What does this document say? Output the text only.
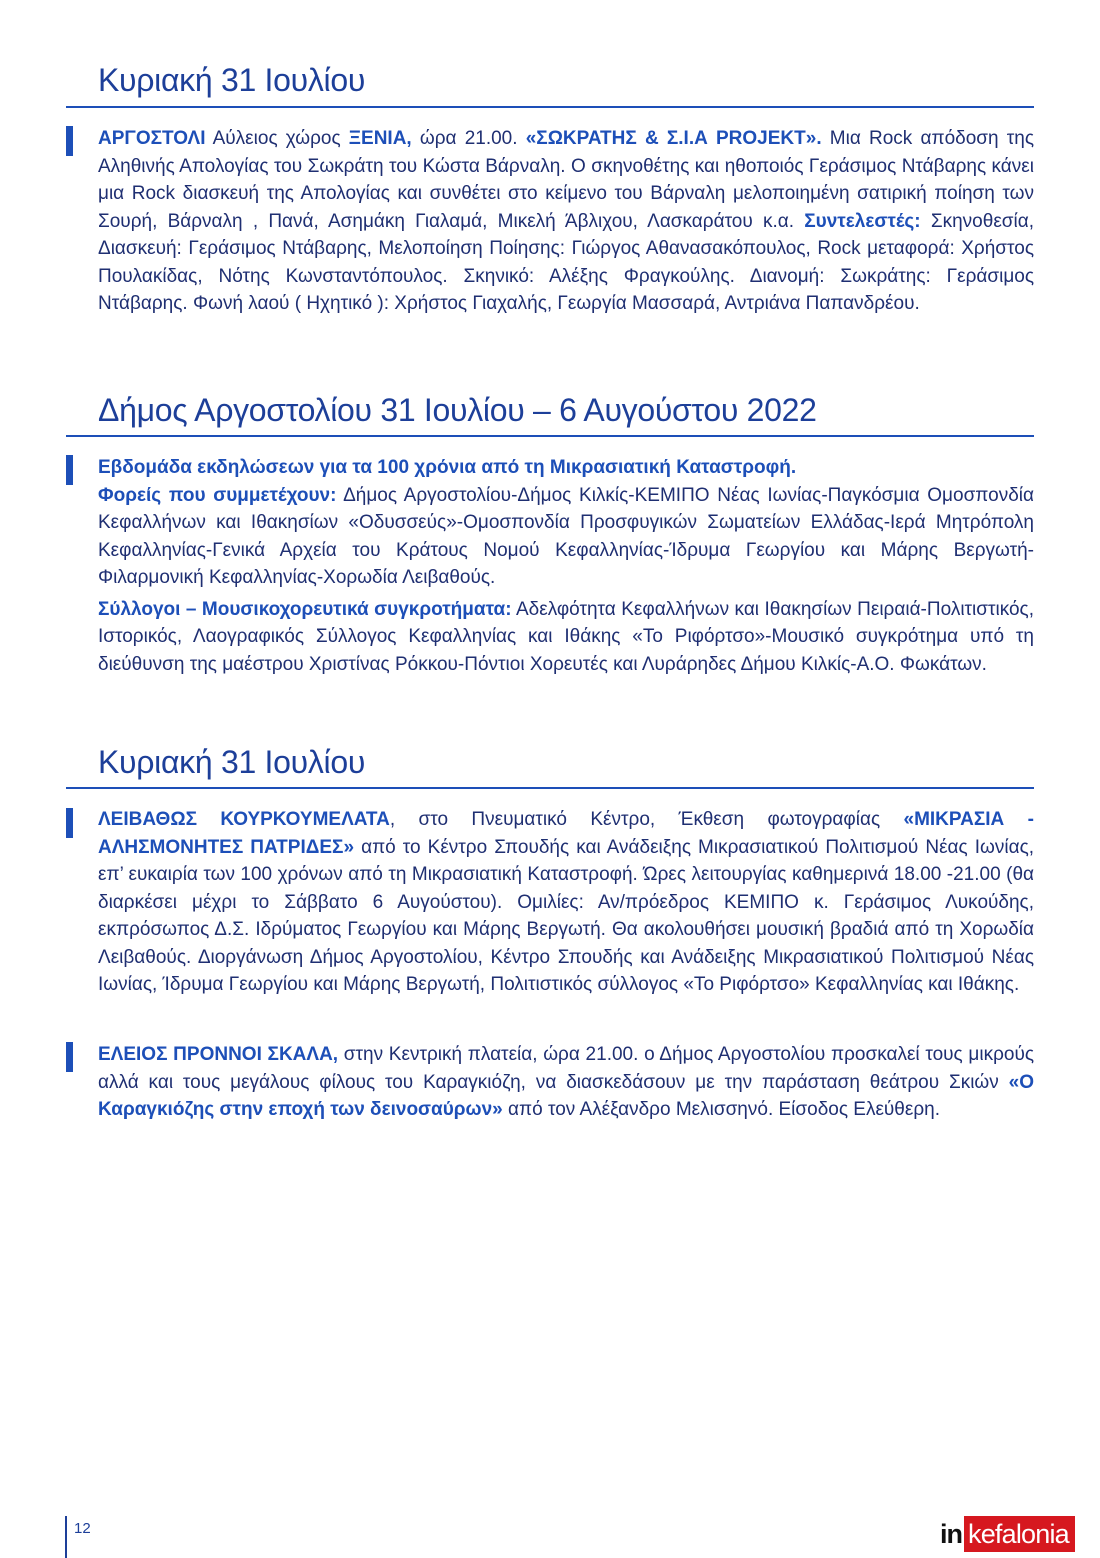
Κυριακή 31 Ιουλίου

ΑΡΓΟΣΤΟΛΙ Αύλειος χώρος ΞΕΝΙΑ, ώρα 21.00. «ΣΩΚΡΑΤΗΣ & Σ.Ι.Α PROJEKT». Μια Rock απόδοση της Αληθινής Απολογίας του Σωκράτη του Κώστα Βάρναλη. Ο σκηνοθέτης και ηθοποιός Γεράσιμος Ντάβαρης κάνει μια Rock διασκευή της Απολογίας και συνθέτει στο κείμενο του Βάρναλη μελοποιημένη σατιρική ποίηση των Σουρή, Βάρναλη , Πανά, Ασημάκη Γιαλαμά, Μικελή Άβλιχου, Λασκαράτου κ.α. Συντελεστές: Σκηνοθεσία, Διασκευή: Γεράσιμος Ντάβαρης, Μελοποίηση Ποίησης: Γιώργος Αθανασακόπουλος, Rock μεταφορά: Χρήστος Πουλακίδας, Νότης Κωνσταντόπουλος. Σκηνικό: Αλέξης Φραγκούλης. Διανομή: Σωκράτης: Γεράσιμος Ντάβαρης. Φωνή λαού ( Ηχητικό ): Χρήστος Γιαχαλής, Γεωργία Μασσαρά, Αντριάνα Παπανδρέου.

Δήμος Αργοστολίου 31 Ιουλίου – 6 Αυγούστου 2022

Εβδομάδα εκδηλώσεων για τα 100 χρόνια από τη Μικρασιατική Καταστροφή.

Φορείς που συμμετέχουν: Δήμος Αργοστολίου-Δήμος Κιλκίς-ΚΕΜΙΠΟ Νέας Ιωνίας-Παγκόσμια Ομοσπονδία Κεφαλλήνων και Ιθακησίων «Οδυσσεύς»-Ομοσπονδία Προσφυγικών Σωματείων Ελλάδας-Ιερά Μητρόπολη Κεφαλληνίας-Γενικά Αρχεία του Κράτους Νομού Κεφαλληνίας-Ίδρυμα Γεωργίου και Μάρης Βεργωτή-Φιλαρμονική Κεφαλληνίας-Χορωδία Λειβαθούς.

Σύλλογοι – Μουσικοχορευτικά συγκροτήματα: Αδελφότητα Κεφαλλήνων και Ιθακησίων Πειραιά-Πολιτιστικός, Ιστορικός, Λαογραφικός Σύλλογος Κεφαλληνίας και Ιθάκης «Το Ριφόρτσο»-Μουσικό συγκρότημα υπό τη διεύθυνση της μαέστρου Χριστίνας Ρόκκου-Πόντιοι Χορευτές και Λυράρηδες Δήμου Κιλκίς-Α.Ο. Φωκάτων.

Κυριακή 31 Ιουλίου

ΛΕΙΒΑΘΩΣ ΚΟΥΡΚΟΥΜΕΛΑΤΑ, στο Πνευματικό Κέντρο, Έκθεση φωτογραφίας «ΜΙΚΡΑΣΙΑ - ΑΛΗΣΜΟΝΗΤΕΣ ΠΑΤΡΙΔΕΣ» από το Κέντρο Σπουδής και Ανάδειξης Μικρασιατικού Πολιτισμού Νέας Ιωνίας, επ’ ευκαιρία των 100 χρόνων από τη Μικρασιατική Καταστροφή. Ώρες λειτουργίας καθημερινά 18.00 -21.00 (θα διαρκέσει μέχρι το Σάββατο 6 Αυγούστου). Ομιλίες: Αν/πρόεδρος ΚΕΜΙΠΟ κ. Γεράσιμος Λυκούδης, εκπρόσωπος Δ.Σ. Ιδρύματος Γεωργίου και Μάρης Βεργωτή. Θα ακολουθήσει μουσική βραδιά από τη Χορωδία Λειβαθούς. Διοργάνωση Δήμος Αργοστολίου, Κέντρο Σπουδής και Ανάδειξης Μικρασιατικού Πολιτισμού Νέας Ιωνίας, Ίδρυμα Γεωργίου και Μάρης Βεργωτή, Πολιτιστικός σύλλογος «Το Ριφόρτσο» Κεφαλληνίας και Ιθάκης.

ΕΛΕΙΟΣ ΠΡΟΝΝΟΙ ΣΚΑΛΑ, στην Κεντρική πλατεία, ώρα 21.00. ο Δήμος Αργοστολίου προσκαλεί τους μικρούς αλλά και τους μεγάλους φίλους του Καραγκιόζη, να διασκεδάσουν με την παράσταση θεάτρου Σκιών «Ο Καραγκιόζης στην εποχή των δεινοσαύρων» από τον Αλέξανδρο Μελισσηνό. Είσοδος Ελεύθερη.

12	in kefalonia
